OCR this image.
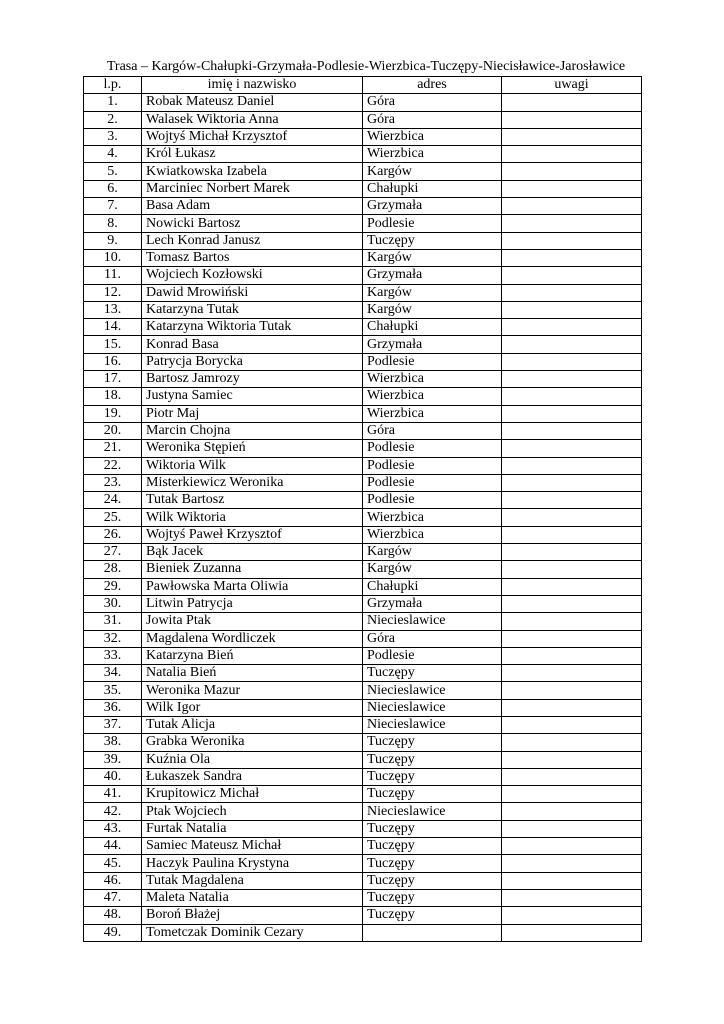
Trasa – Kargów-Chałupki-Grzymała-Podlesie-Wierzbica-Tuczępy-Niecisławice-Jarosławice
l.p.	imię i nazwisko	adres	uwagi
1.	Robak Mateusz Daniel	Góra	
2.	Walasek Wiktoria Anna	Góra	
3.	Wojtyś Michał Krzysztof	Wierzbica	
4.	Król Łukasz	Wierzbica	
5.	Kwiatkowska Izabela	Kargów	
6.	Marciniec Norbert Marek	Chałupki	
7.	Basa Adam	Grzymała	
8.	Nowicki Bartosz	Podlesie	
9.	Lech Konrad Janusz	Tuczępy	
10.	Tomasz Bartos	Kargów	
11.	Wojciech Kozłowski	Grzymała	
12.	Dawid Mrowiński	Kargów	
13.	Katarzyna Tutak	Kargów	
14.	Katarzyna Wiktoria Tutak	Chałupki	
15.	Konrad Basa	Grzymała	
16.	Patrycja Borycka	Podlesie	
17.	Bartosz Jamrozy	Wierzbica	
18.	Justyna Samiec	Wierzbica	
19.	Piotr Maj	Wierzbica	
20.	Marcin Chojna	Góra	
21.	Weronika Stępień	Podlesie	
22.	Wiktoria Wilk	Podlesie	
23.	Misterkiewicz Weronika	Podlesie	
24.	Tutak Bartosz	Podlesie	
25.	Wilk Wiktoria	Wierzbica	
26.	Wojtyś Paweł Krzysztof	Wierzbica	
27.	Bąk Jacek	Kargów	
28.	Bieniek Zuzanna	Kargów	
29.	Pawłowska Marta Oliwia	Chałupki	
30.	Litwin Patrycja	Grzymała	
31.	Jowita Ptak	Niecieslawice	
32.	Magdalena Wordliczek	Góra	
33.	Katarzyna Bień	Podlesie	
34.	Natalia Bień	Tuczępy	
35.	Weronika Mazur	Niecieslawice	
36.	Wilk Igor	Niecieslawice	
37.	Tutak Alicja	Niecieslawice	
38.	Grabka Weronika	Tuczępy	
39.	Kuźnia Ola	Tuczępy	
40.	Łukaszek Sandra	Tuczępy	
41.	Krupitowicz Michał	Tuczępy	
42.	Ptak Wojciech	Niecieslawice	
43.	Furtak Natalia	Tuczępy	
44.	Samiec Mateusz Michał	Tuczępy	
45.	Haczyk Paulina Krystyna	Tuczępy	
46.	Tutak Magdalena	Tuczępy	
47.	Maleta Natalia	Tuczępy	
48.	Boroń Błażej	Tuczępy	
49.	Tometczak Dominik Cezary		
